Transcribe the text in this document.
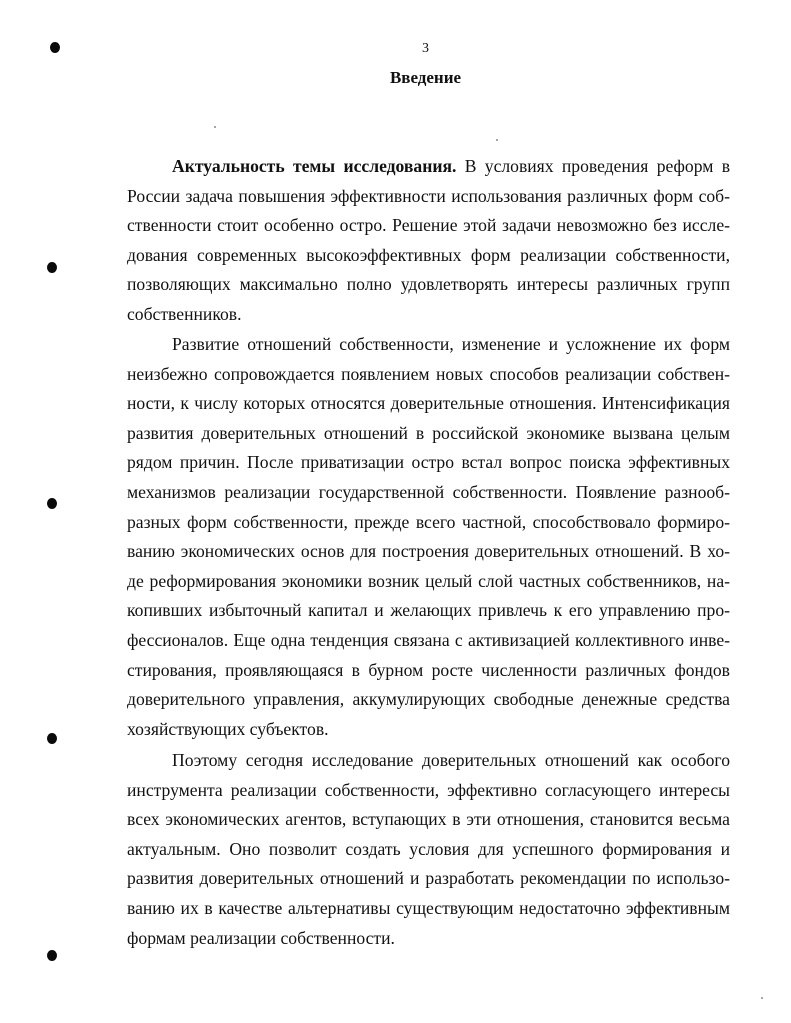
3
Введение
Актуальность темы исследования. В условиях проведения реформ в
России задача повышения эффективности использования различных форм соб-
ственности стоит особенно остро. Решение этой задачи невозможно без иссле-
дования современных высокоэффективных форм реализации собственности,
позволяющих максимально полно удовлетворять интересы различных групп
собственников.
Развитие отношений собственности, изменение и усложнение их форм
неизбежно сопровождается появлением новых способов реализации собствен-
ности, к числу которых относятся доверительные отношения. Интенсификация
развития доверительных отношений в российской экономике вызвана целым
рядом причин. После приватизации остро встал вопрос поиска эффективных
механизмов реализации государственной собственности. Появление разнооб-
разных форм собственности, прежде всего частной, способствовало формиро-
ванию экономических основ для построения доверительных отношений. В хо-
де реформирования экономики возник целый слой частных собственников, на-
копивших избыточный капитал и желающих привлечь к его управлению про-
фессионалов. Еще одна тенденция связана с активизацией коллективного инве-
стирования, проявляющаяся в бурном росте численности различных фондов
доверительного управления, аккумулирующих свободные денежные средства
хозяйствующих субъектов.
Поэтому сегодня исследование доверительных отношений как особого
инструмента реализации собственности, эффективно согласующего интересы
всех экономических агентов, вступающих в эти отношения, становится весьма
актуальным. Оно позволит создать условия для успешного формирования и
развития доверительных отношений и разработать рекомендации по использо-
ванию их в качестве альтернативы существующим недостаточно эффективным
формам реализации собственности.
